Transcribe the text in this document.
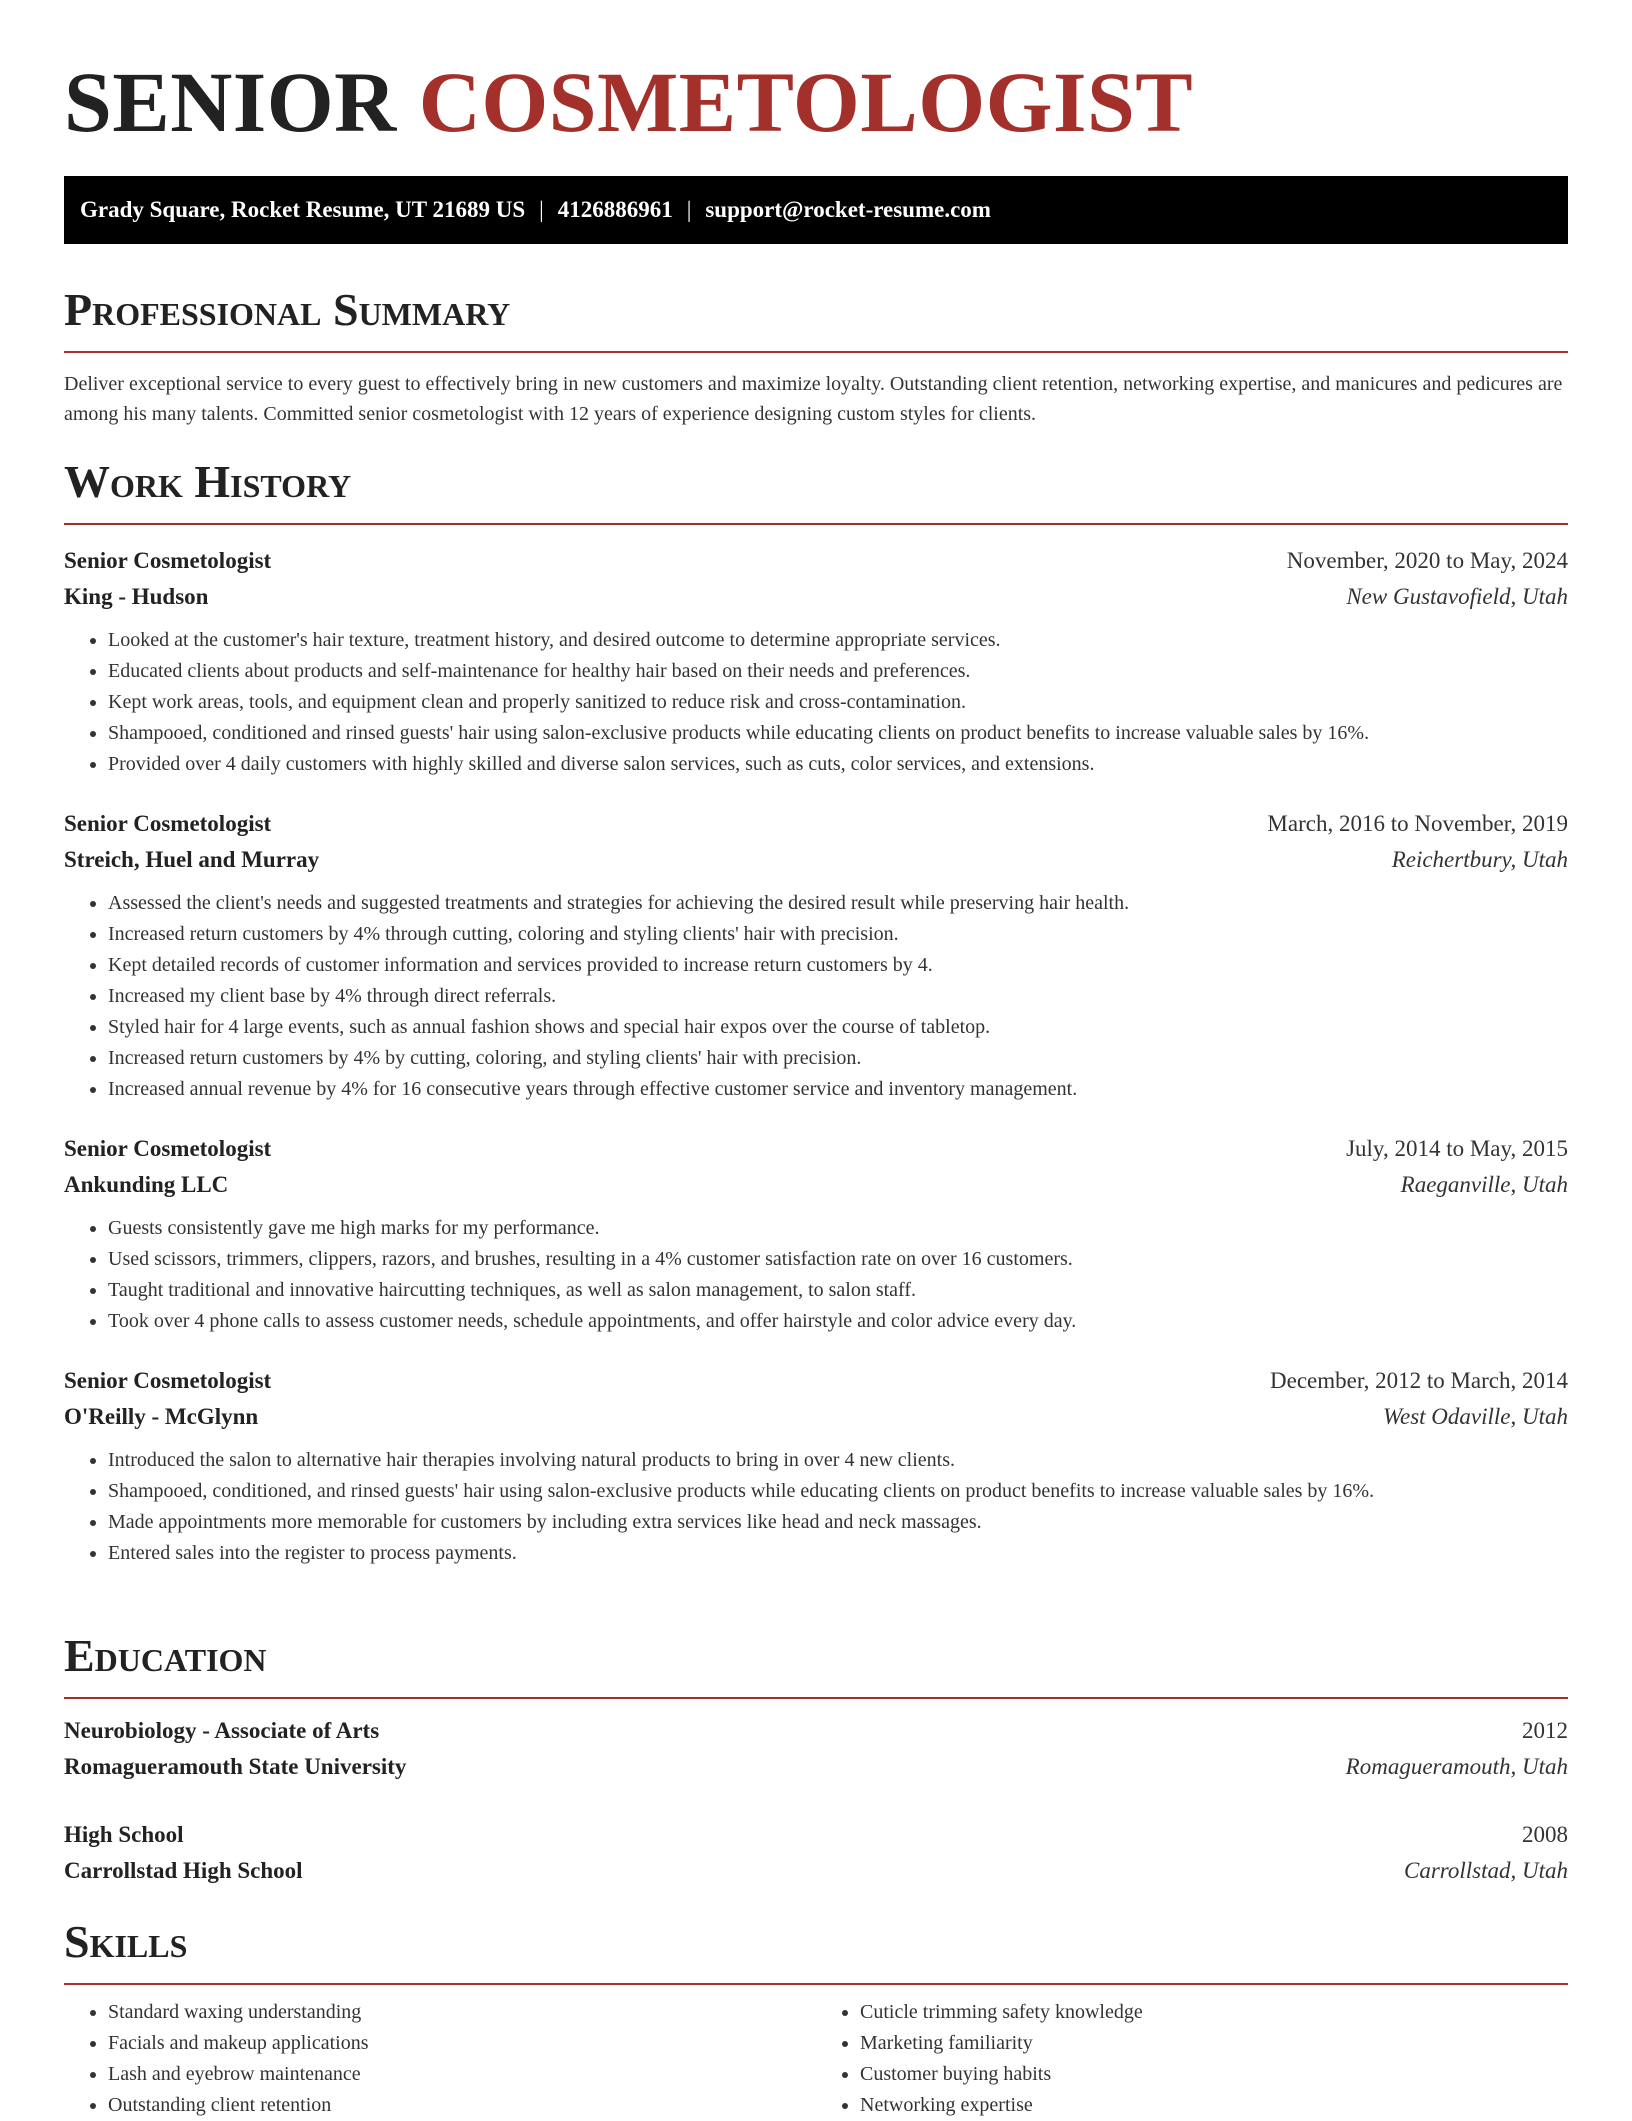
SENIOR COSMETOLOGIST
Grady Square, Rocket Resume, UT 21689 US | 4126886961 | support@rocket-resume.com
Professional Summary

Deliver exceptional service to every guest to effectively bring in new customers and maximize loyalty. Outstanding client retention, networking expertise, and manicures and pedicures are among his many talents. Committed senior cosmetologist with 12 years of experience designing custom styles for clients.

Work History
Senior Cosmetologist	November, 2020 to May, 2024
King - Hudson	New Gustavofield, Utah
• Looked at the customer's hair texture, treatment history, and desired outcome to determine appropriate services.
• Educated clients about products and self-maintenance for healthy hair based on their needs and preferences.
• Kept work areas, tools, and equipment clean and properly sanitized to reduce risk and cross-contamination.
• Shampooed, conditioned and rinsed guests' hair using salon-exclusive products while educating clients on product benefits to increase valuable sales by 16%.
• Provided over 4 daily customers with highly skilled and diverse salon services, such as cuts, color services, and extensions.
Senior Cosmetologist	March, 2016 to November, 2019
Streich, Huel and Murray	Reichertbury, Utah
• Assessed the client's needs and suggested treatments and strategies for achieving the desired result while preserving hair health.
• Increased return customers by 4% through cutting, coloring and styling clients' hair with precision.
• Kept detailed records of customer information and services provided to increase return customers by 4.
• Increased my client base by 4% through direct referrals.
• Styled hair for 4 large events, such as annual fashion shows and special hair expos over the course of tabletop.
• Increased return customers by 4% by cutting, coloring, and styling clients' hair with precision.
• Increased annual revenue by 4% for 16 consecutive years through effective customer service and inventory management.
Senior Cosmetologist	July, 2014 to May, 2015
Ankunding LLC	Raeganville, Utah
• Guests consistently gave me high marks for my performance.
• Used scissors, trimmers, clippers, razors, and brushes, resulting in a 4% customer satisfaction rate on over 16 customers.
• Taught traditional and innovative haircutting techniques, as well as salon management, to salon staff.
• Took over 4 phone calls to assess customer needs, schedule appointments, and offer hairstyle and color advice every day.
Senior Cosmetologist	December, 2012 to March, 2014
O'Reilly - McGlynn	West Odaville, Utah
• Introduced the salon to alternative hair therapies involving natural products to bring in over 4 new clients.
• Shampooed, conditioned, and rinsed guests' hair using salon-exclusive products while educating clients on product benefits to increase valuable sales by 16%.
• Made appointments more memorable for customers by including extra services like head and neck massages.
• Entered sales into the register to process payments.
Education
Neurobiology - Associate of Arts	2012
Romagueramouth State University	Romagueramouth, Utah
High School	2008
Carrollstad High School	Carrollstad, Utah
Skills
• Standard waxing understanding
• Facials and makeup applications
• Lash and eyebrow maintenance
• Outstanding client retention
• Cuticle trimming safety knowledge
• Marketing familiarity
• Customer buying habits
• Networking expertise
